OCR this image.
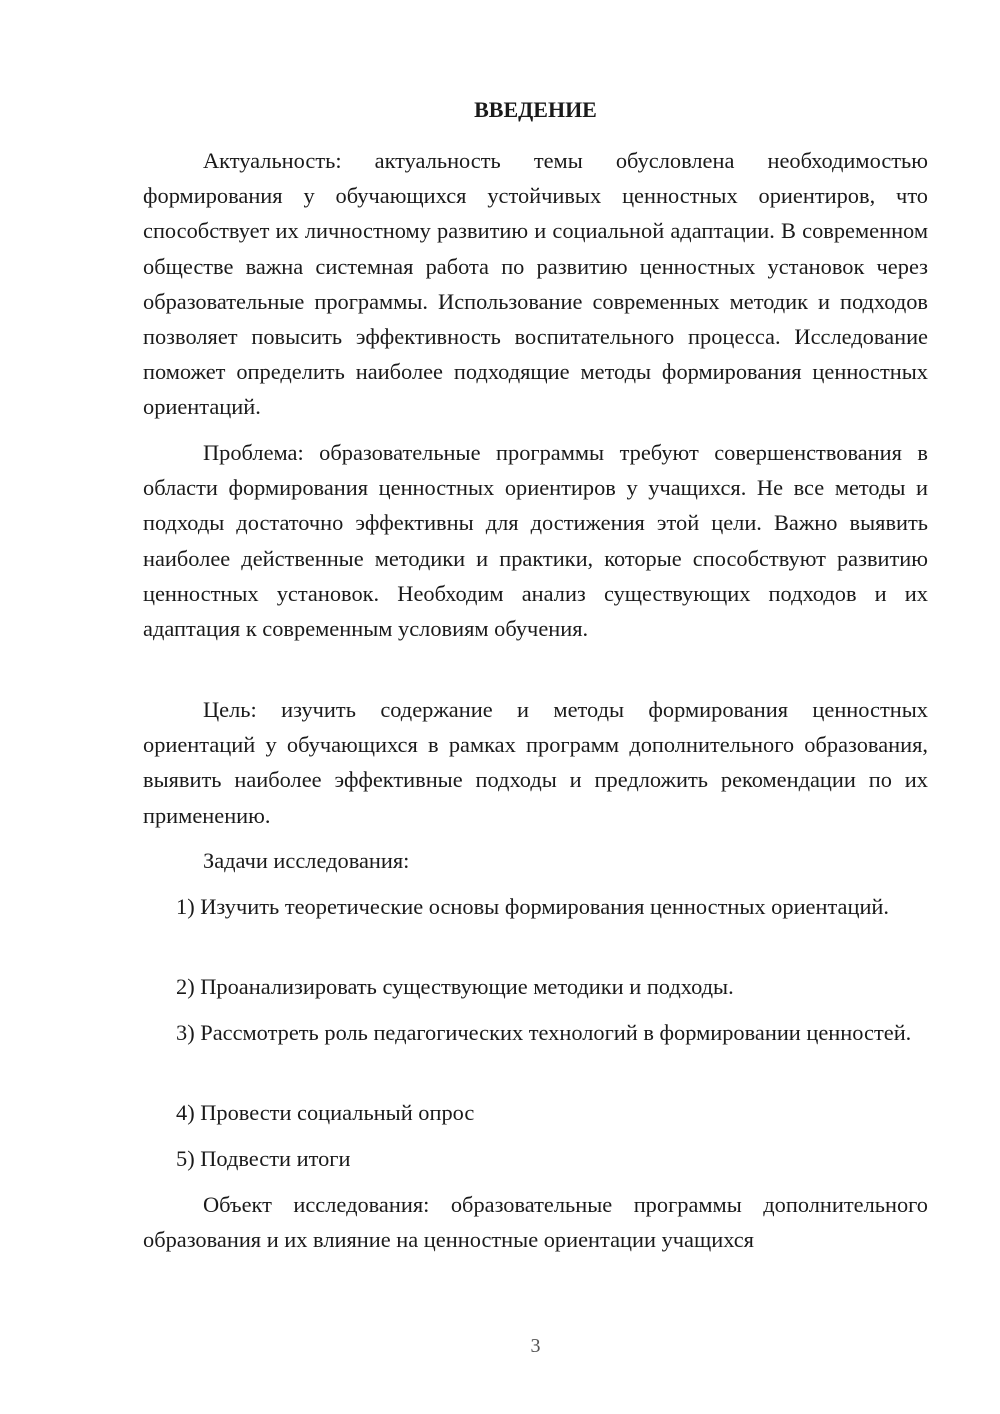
ВВЕДЕНИЕ

Актуальность: актуальность темы обусловлена необходимостью формирования у обучающихся устойчивых ценностных ориентиров, что способствует их личностному развитию и социальной адаптации. В современном обществе важна системная работа по развитию ценностных установок через образовательные программы. Использование современных методик и подходов позволяет повысить эффективность воспитательного процесса. Исследование поможет определить наиболее подходящие методы формирования ценностных ориентаций.

Проблема: образовательные программы требуют совершенствования в области формирования ценностных ориентиров у учащихся. Не все методы и подходы достаточно эффективны для достижения этой цели. Важно выявить наиболее действенные методики и практики, которые способствуют развитию ценностных установок. Необходим анализ существующих подходов и их адаптация к современным условиям обучения.

Цель: изучить содержание и методы формирования ценностных ориентаций у обучающихся в рамках программ дополнительного образования, выявить наиболее эффективные подходы и предложить рекомендации по их применению.

Задачи исследования:

1) Изучить теоретические основы формирования ценностных ориентаций.

2) Проанализировать существующие методики и подходы.

3) Рассмотреть роль педагогических технологий в формировании ценностей.

4) Провести социальный опрос

5) Подвести итоги

Объект исследования: образовательные программы дополнительного образования и их влияние на ценностные ориентации учащихся

3
